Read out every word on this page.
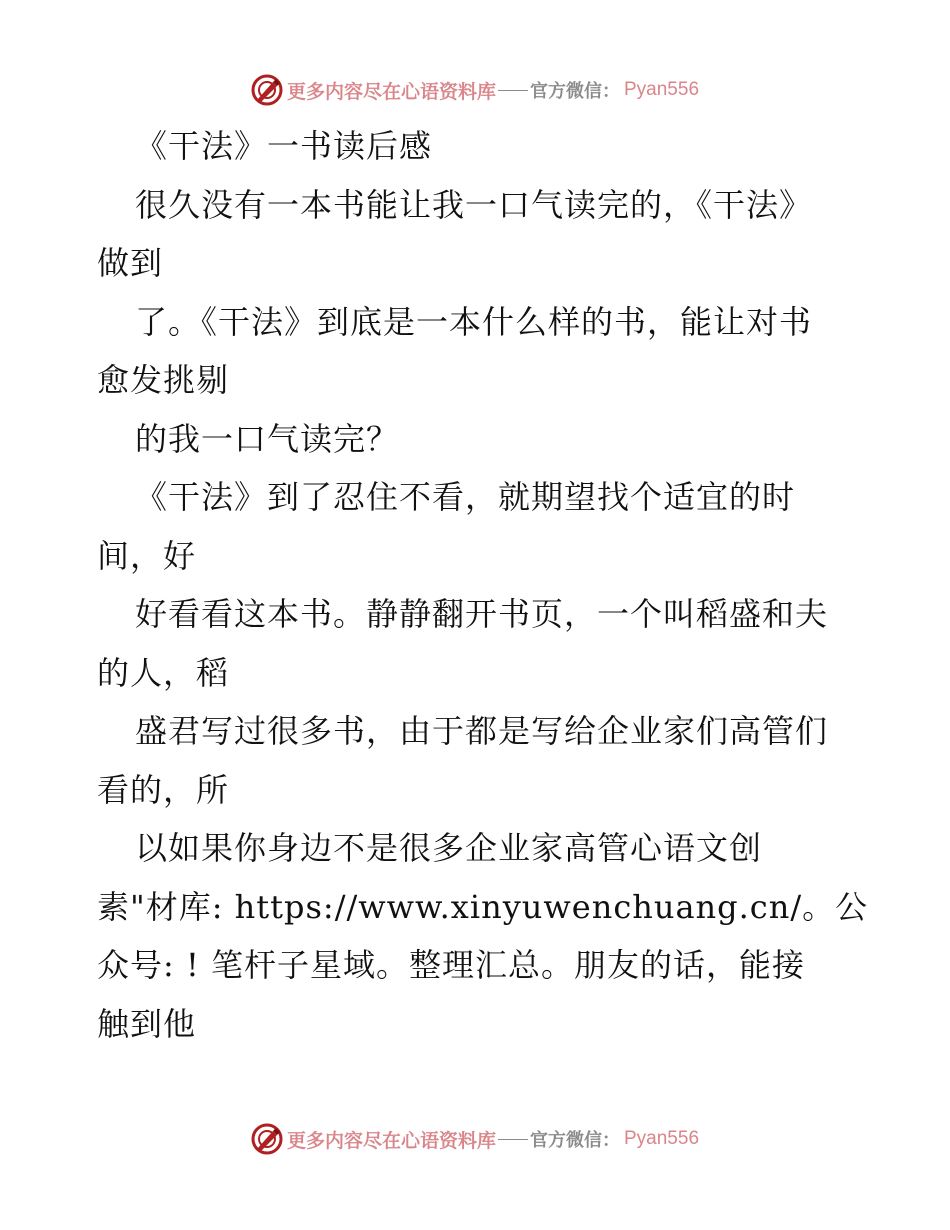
更多内容尽在心语资料库 官方微信： Pyan556
《干法》一书读后感
很久没有一本书能让我一口气读完的，《干法》
做到
了。《干法》到底是一本什么样的书，能让对书
愈发挑剔
的我一口气读完？
《干法》到了忍住不看，就期望找个适宜的时
间，好
好看看这本书。静静翻开书页，一个叫稻盛和夫
的人，稻
盛君写过很多书，由于都是写给企业家们高管们
看的，所
以如果你身边不是很多企业家高管心语文创
素"材库: https://www.xinyuwenchuang.cn/。公
众号: ! 笔杆子星域。整理汇总。朋友的话，能接
触到他
更多内容尽在心语资料库 官方微信： Pyan556
